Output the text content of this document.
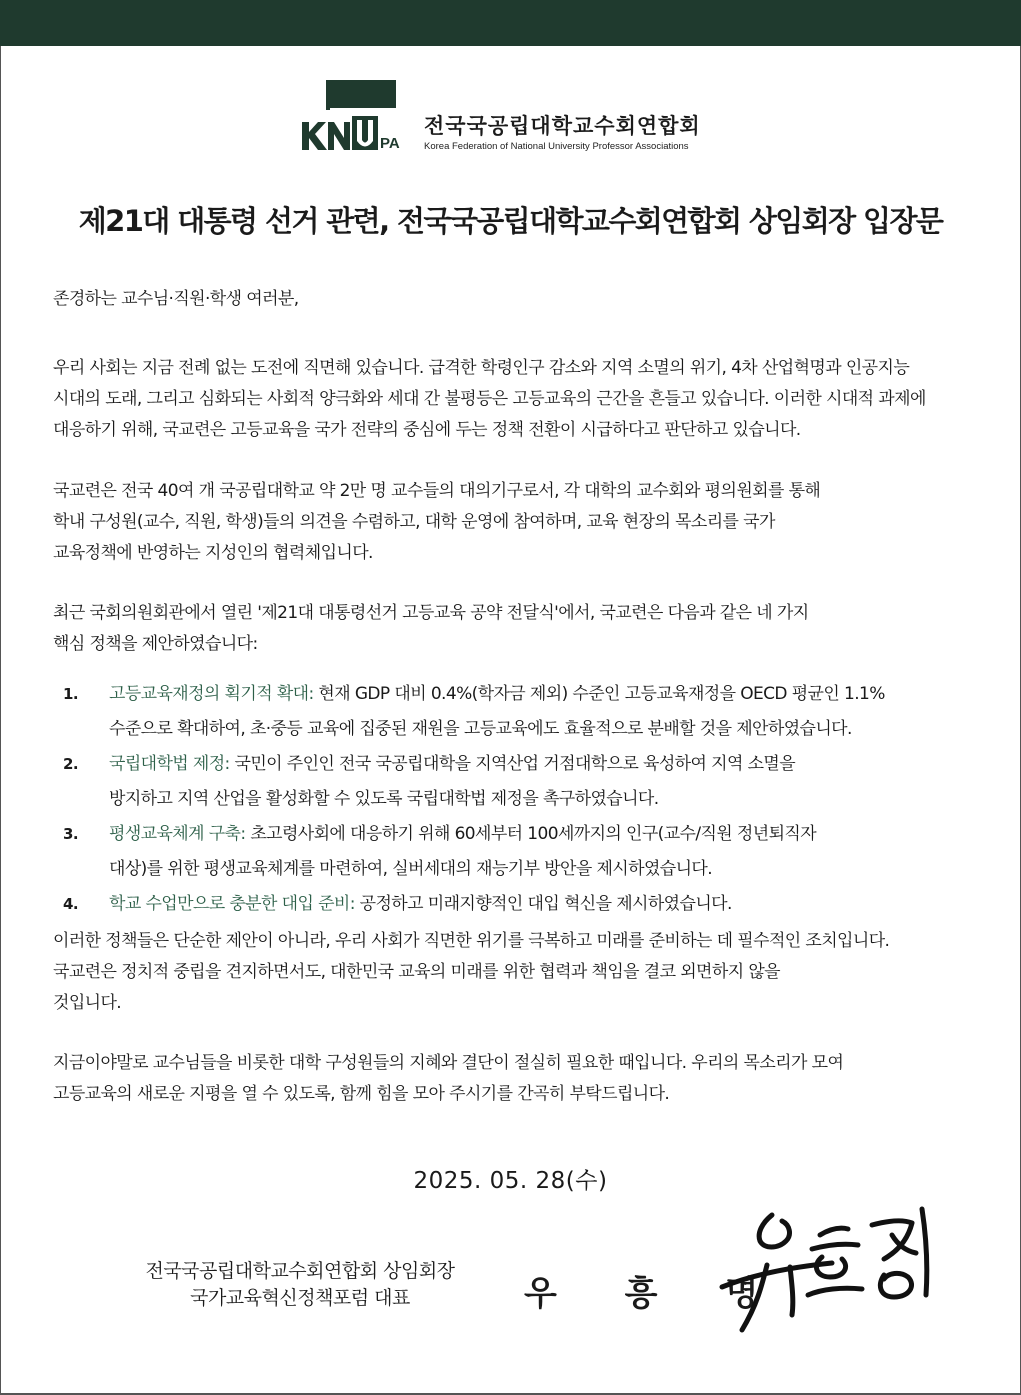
PA
전국국공립대학교수회연합회
Korea Federation of National University Professor Associations
제21대 대통령 선거 관련, 전국국공립대학교수회연합회 상임회장 입장문
존경하는 교수님·직원·학생 여러분,
우리 사회는 지금 전례 없는 도전에 직면해 있습니다. 급격한 학령인구 감소와 지역 소멸의 위기, 4차 산업혁명과 인공지능
시대의 도래, 그리고 심화되는 사회적 양극화와 세대 간 불평등은 고등교육의 근간을 흔들고 있습니다. 이러한 시대적 과제에
대응하기 위해, 국교련은 고등교육을 국가 전략의 중심에 두는 정책 전환이 시급하다고 판단하고 있습니다.
국교련은 전국 40여 개 국공립대학교 약 2만 명 교수들의 대의기구로서, 각 대학의 교수회와 평의원회를 통해
학내 구성원(교수, 직원, 학생)들의 의견을 수렴하고, 대학 운영에 참여하며, 교육 현장의 목소리를 국가
교육정책에 반영하는 지성인의 협력체입니다.
최근 국회의원회관에서 열린 '제21대 대통령선거 고등교육 공약 전달식'에서, 국교련은 다음과 같은 네 가지
핵심 정책을 제안하였습니다:
1. 고등교육재정의 획기적 확대: 현재 GDP 대비 0.4%(학자금 제외) 수준인 고등교육재정을 OECD 평균인 1.1%
수준으로 확대하여, 초·중등 교육에 집중된 재원을 고등교육에도 효율적으로 분배할 것을 제안하였습니다.
2. 국립대학법 제정: 국민이 주인인 전국 국공립대학을 지역산업 거점대학으로 육성하여 지역 소멸을
방지하고 지역 산업을 활성화할 수 있도록 국립대학법 제정을 촉구하였습니다.
3. 평생교육체계 구축: 초고령사회에 대응하기 위해 60세부터 100세까지의 인구(교수/직원 정년퇴직자
대상)를 위한 평생교육체계를 마련하여, 실버세대의 재능기부 방안을 제시하였습니다.
4. 학교 수업만으로 충분한 대입 준비: 공정하고 미래지향적인 대입 혁신을 제시하였습니다.
이러한 정책들은 단순한 제안이 아니라, 우리 사회가 직면한 위기를 극복하고 미래를 준비하는 데 필수적인 조치입니다.
국교련은 정치적 중립을 견지하면서도, 대한민국 교육의 미래를 위한 협력과 책임을 결코 외면하지 않을
것입니다.
지금이야말로 교수님들을 비롯한 대학 구성원들의 지혜와 결단이 절실히 필요한 때입니다. 우리의 목소리가 모여
고등교육의 새로운 지평을 열 수 있도록, 함께 힘을 모아 주시기를 간곡히 부탁드립니다.
2025. 05. 28(수)
전국국공립대학교수회연합회 상임회장
국가교육혁신정책포럼 대표	우 흥 명
